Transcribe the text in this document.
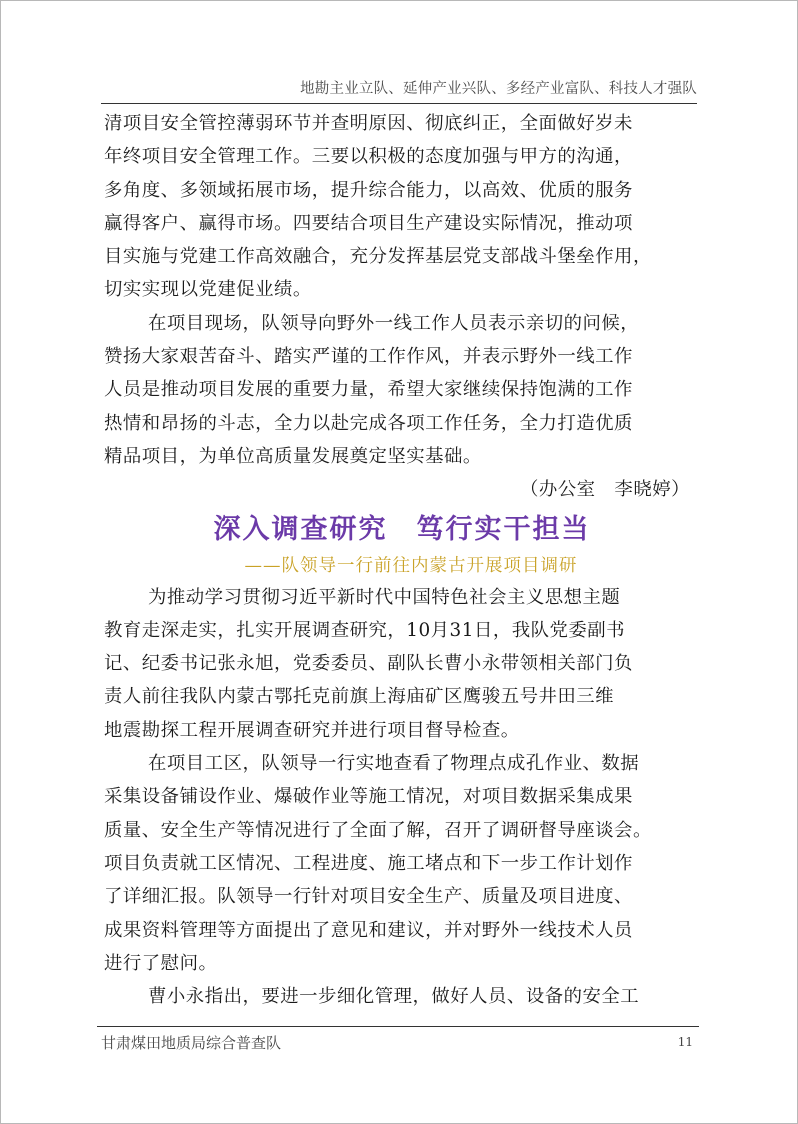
地勘主业立队、延伸产业兴队、多经产业富队、科技人才强队
清项目安全管控薄弱环节并查明原因、彻底纠正，全面做好岁未
年终项目安全管理工作。三要以积极的态度加强与甲方的沟通，
多角度、多领域拓展市场，提升综合能力，以高效、优质的服务
赢得客户、赢得市场。四要结合项目生产建设实际情况，推动项
目实施与党建工作高效融合，充分发挥基层党支部战斗堡垒作用，
切实实现以党建促业绩。
在项目现场，队领导向野外一线工作人员表示亲切的问候，
赞扬大家艰苦奋斗、踏实严谨的工作作风，并表示野外一线工作
人员是推动项目发展的重要力量，希望大家继续保持饱满的工作
热情和昂扬的斗志，全力以赴完成各项工作任务，全力打造优质
精品项目，为单位高质量发展奠定坚实基础。
（办公室　李晓婷）
深入调查研究　笃行实干担当
——队领导一行前往内蒙古开展项目调研
为推动学习贯彻习近平新时代中国特色社会主义思想主题
教育走深走实，扎实开展调查研究，10月31日，我队党委副书
记、纪委书记张永旭，党委委员、副队长曹小永带领相关部门负
责人前往我队内蒙古鄂托克前旗上海庙矿区鹰骏五号井田三维
地震勘探工程开展调查研究并进行项目督导检查。
在项目工区，队领导一行实地查看了物理点成孔作业、数据
采集设备铺设作业、爆破作业等施工情况，对项目数据采集成果
质量、安全生产等情况进行了全面了解，召开了调研督导座谈会。
项目负责就工区情况、工程进度、施工堵点和下一步工作计划作
了详细汇报。队领导一行针对项目安全生产、质量及项目进度、
成果资料管理等方面提出了意见和建议，并对野外一线技术人员
进行了慰问。
曹小永指出，要进一步细化管理，做好人员、设备的安全工
甘肃煤田地质局综合普查队	11
